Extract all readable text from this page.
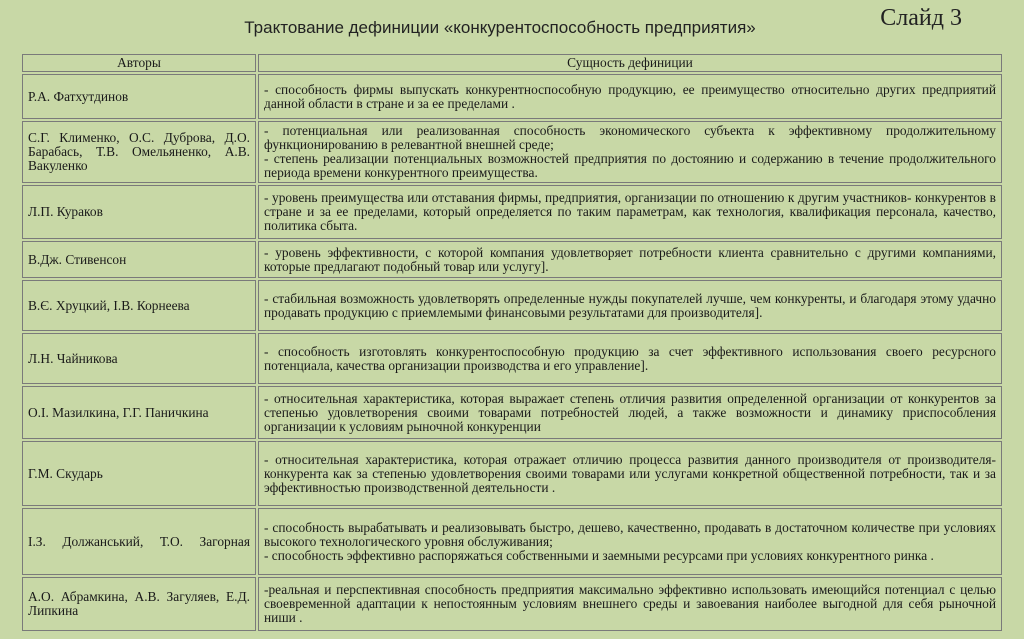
Трактование дефиниции «конкурентоспособность предприятия»	Слайд 3
Авторы	Сущность дефиниции
Р.А. Фатхутдинов	- способность фирмы выпускать конкурентноспособную продукцию, ее преимущество относительно других предприятий данной области в стране и за ее пределами .

С.Г. Клименко, О.С. Дуброва, Д.О. Барабась, Т.В. Омельяненко, А.В. Вакуленко	- потенциальная или реализованная способность экономического субъекта к эффективному продолжительному функционированию в релевантной внешней среде;
- степень реализации потенциальных возможностей предприятия по достоянию и содержанию в течение продолжительного периода времени конкурентного преимущества.

Л.П. Кураков	- уровень преимущества или отставания фирмы, предприятия, организации по отношению к другим участников- конкурентов в стране и за ее пределами, который определяется по таким параметрам, как технология, квалификация персонала, качество, политика сбыта.

В.Дж. Стивенсон	- уровень эффективности, с которой компания удовлетворяет потребности клиента сравнительно с другими компаниями, которые предлагают подобный товар или услугу].

В.Є. Хруцкий, І.В. Корнеева	- стабильная возможность удовлетворять определенные нужды покупателей лучше, чем конкуренты, и благодаря этому удачно продавать продукцию с приемлемыми финансовыми результатами для производителя].

Л.Н. Чайникова	- способность изготовлять конкурентоспособную продукцию за счет эффективного использования своего ресурсного потенциала, качества организации производства и его управление].

О.І. Мазилкина, Г.Г. Паничкина	- относительная характеристика, которая выражает степень отличия развития определенной организации от конкурентов за степенью удовлетворения своими товарами потребностей людей, а также возможности и динамику приспособления организации к условиям рыночной конкуренции

Г.М. Скударь	- относительная характеристика, которая отражает отличию процесса развития данного производителя от производителя-конкурента как за степенью удовлетворения своими товарами или услугами конкретной общественной потребности, так и за эффективностью производственной деятельности .

І.З. Должанський, Т.О. Загорная	- способность вырабатывать и реализовывать быстро, дешево, качественно, продавать в достаточном количестве при условиях высокого технологического уровня обслуживания;
- способность эффективно распоряжаться собственными и заемными ресурсами при условиях конкурентного ринка .

А.О. Абрамкина, А.В. Загуляев, Е.Д. Липкина	-реальная и перспективная способность предприятия максимально эффективно использовать имеющийся потенциал с целью своевременной адаптации к непостоянным условиям внешнего среды и завоевания наиболее выгодной для себя рыночной ниши .
